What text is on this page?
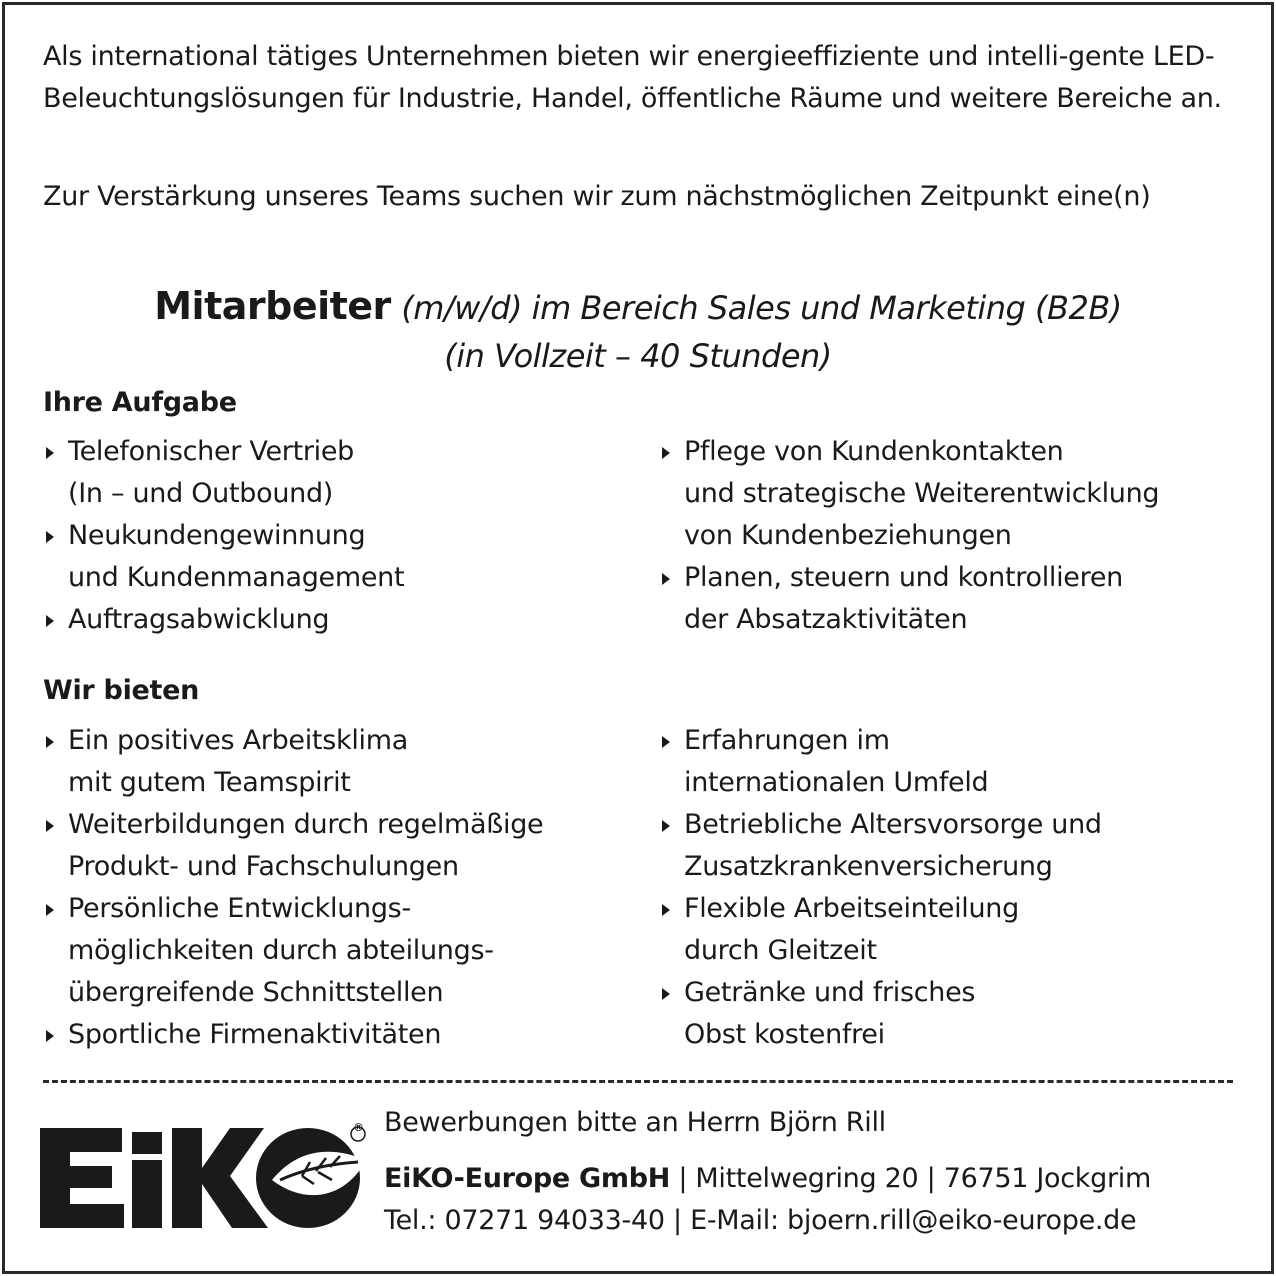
Als international tätiges Unternehmen bieten wir energieeffiziente und intelli-gente LED-Beleuchtungslösungen für Industrie, Handel, öffentliche Räume und weitere Bereiche an.
Zur Verstärkung unseres Teams suchen wir zum nächstmöglichen Zeitpunkt eine(n)
Mitarbeiter (m/w/d) im Bereich Sales und Marketing (B2B)
(in Vollzeit – 40 Stunden)
Ihre Aufgabe
Telefonischer Vertrieb
(In – und Outbound)
Neukundengewinnung
und Kundenmanagement
Auftragsabwicklung
Pflege von Kundenkontakten
und strategische Weiterentwicklung
von Kundenbeziehungen
Planen, steuern und kontrollieren
der Absatzaktivitäten
Wir bieten
Ein positives Arbeitsklima
mit gutem Teamspirit
Weiterbildungen durch regelmäßige
Produkt- und Fachschulungen
Persönliche Entwicklungs-
möglichkeiten durch abteilungs-
übergreifende Schnittstellen
Sportliche Firmenaktivitäten
Erfahrungen im
internationalen Umfeld
Betriebliche Altersvorsorge und
Zusatzkrankenversicherung
Flexible Arbeitseinteilung
durch Gleitzeit
Getränke und frisches
Obst kostenfrei
® Bewerbungen bitte an Herrn Björn Rill
EiKO-Europe GmbH | Mittelwegring 20 | 76751 Jockgrim
Tel.: 07271 94033-40 | E-Mail: bjoern.rill@eiko-europe.de
